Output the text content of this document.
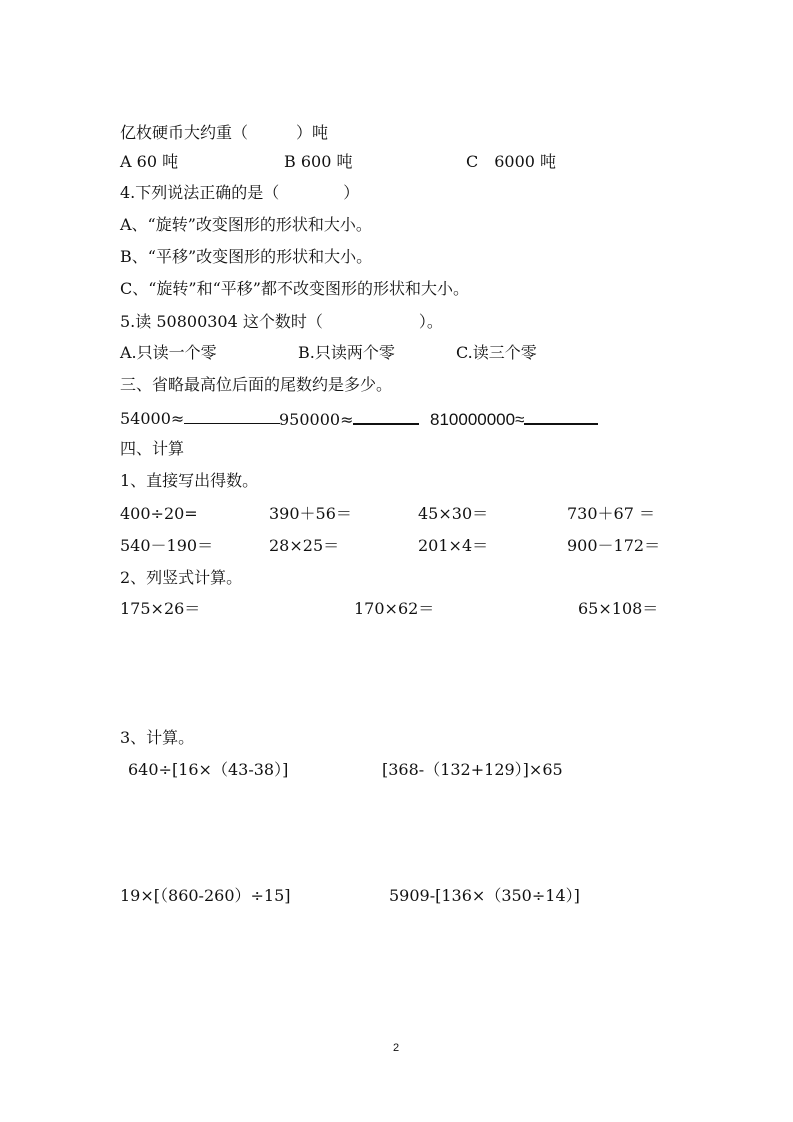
亿枚硬币大约重（　　　）吨
A 60 吨	B 600 吨	C　6000 吨
4.下列说法正确的是（　　　　）
A、“旋转”改变图形的形状和大小。
B、“平移”改变图形的形状和大小。
C、“旋转”和“平移”都不改变图形的形状和大小。
5.读 50800304 这个数时（　　　　　　）。
A.只读一个零	B.只读两个零	C.读三个零
三、省略最高位后面的尾数约是多少。
54000≈	950000≈	810000000≈
四、计算
1、直接写出得数。
400÷20=	390＋56＝	45×30＝	730＋67 ＝
540－190＝	28×25＝	201×4＝	900－172＝
2、列竖式计算。
175×26＝	170×62＝	65×108＝
3、计算。
640÷[16×（43-38）]	[368-（132+129）]×65
19×[（860-260）÷15]	5909-[136×（350÷14）]
2
